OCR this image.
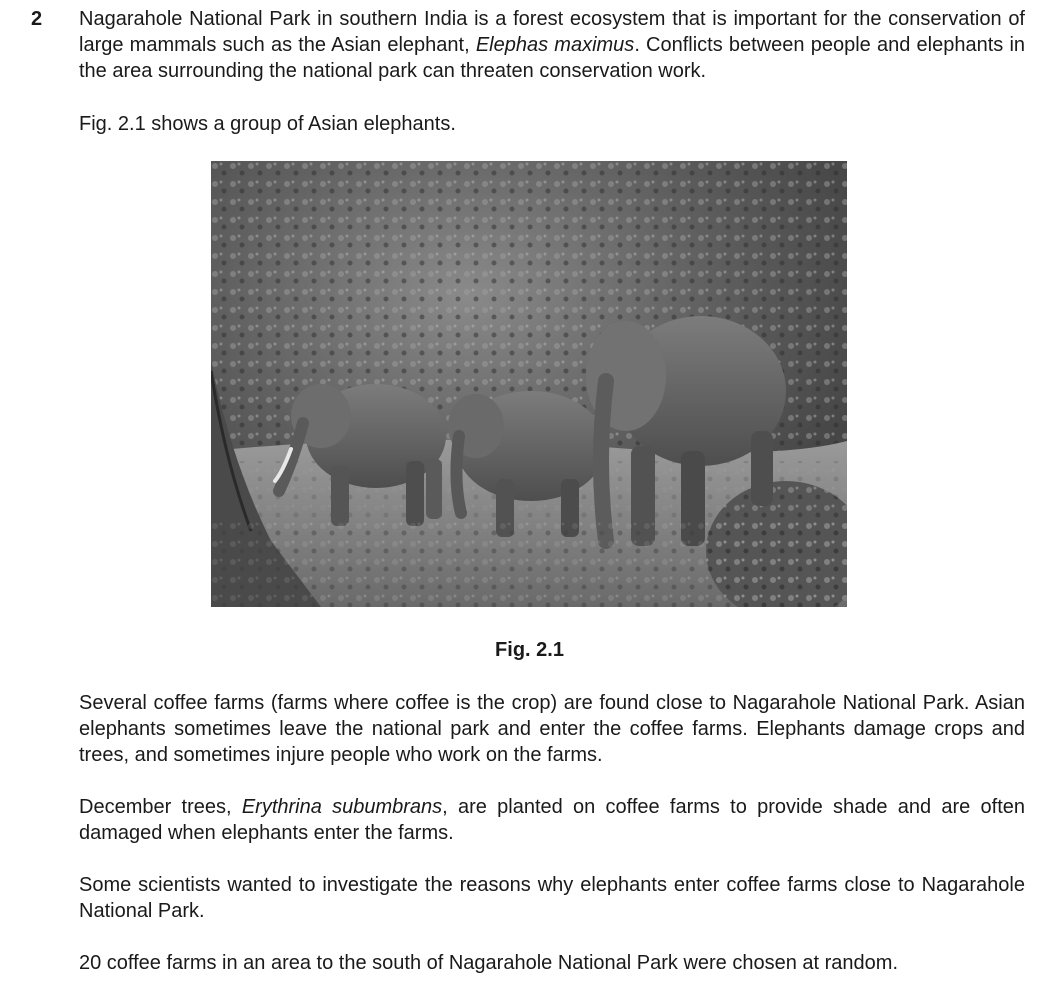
2 Nagarahole National Park in southern India is a forest ecosystem that is important for the conservation of large mammals such as the Asian elephant, Elephas maximus. Conflicts between people and elephants in the area surrounding the national park can threaten conservation work.

Fig. 2.1 shows a group of Asian elephants.

Fig. 2.1

Several coffee farms (farms where coffee is the crop) are found close to Nagarahole National Park. Asian elephants sometimes leave the national park and enter the coffee farms. Elephants damage crops and trees, and sometimes injure people who work on the farms.

December trees, Erythrina subumbrans, are planted on coffee farms to provide shade and are often damaged when elephants enter the farms.

Some scientists wanted to investigate the reasons why elephants enter coffee farms close to Nagarahole National Park.

20 coffee farms in an area to the south of Nagarahole National Park were chosen at random.
